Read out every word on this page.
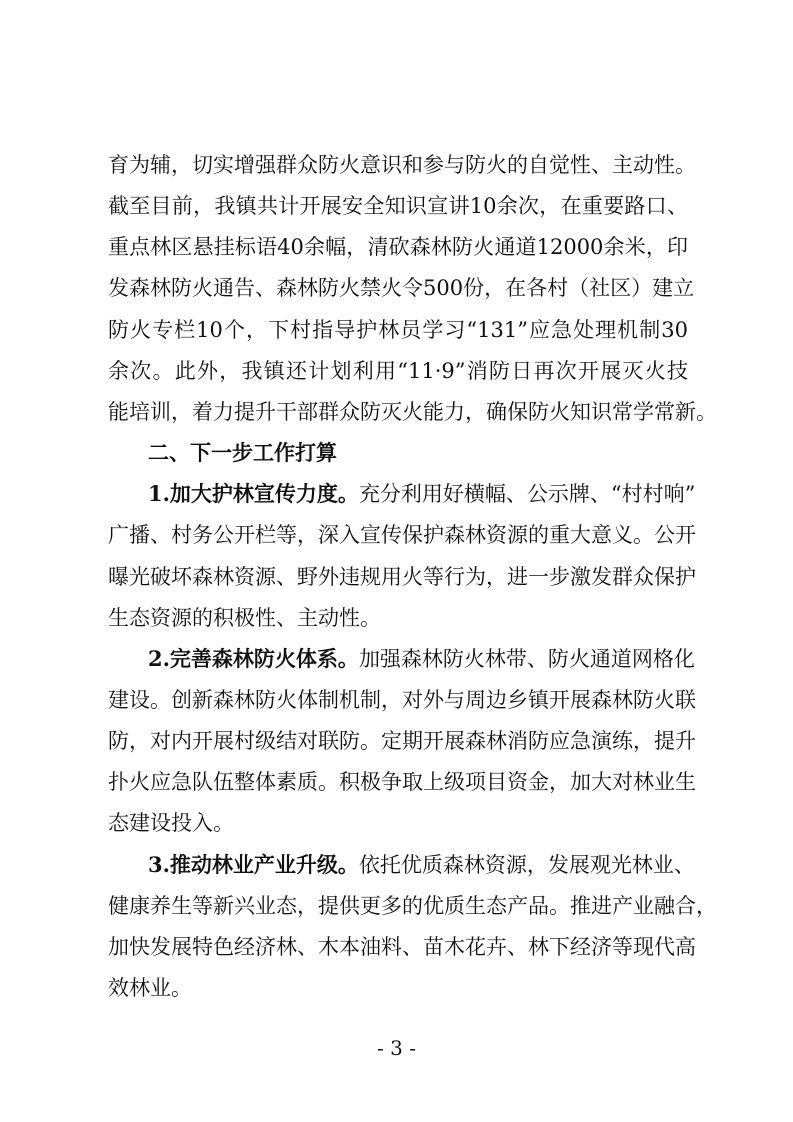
育为辅，切实增强群众防火意识和参与防火的自觉性、主动性。
截至目前，我镇共计开展安全知识宣讲10余次，在重要路口、
重点林区悬挂标语40余幅，清砍森林防火通道12000余米，印
发森林防火通告、森林防火禁火令500份，在各村（社区）建立
防火专栏10个，下村指导护林员学习“131”应急处理机制30
余次。此外，我镇还计划利用“11·9”消防日再次开展灭火技
能培训，着力提升干部群众防灭火能力，确保防火知识常学常新。
二、下一步工作打算
1.加大护林宣传力度。充分利用好横幅、公示牌、“村村响”
广播、村务公开栏等，深入宣传保护森林资源的重大意义。公开
曝光破坏森林资源、野外违规用火等行为，进一步激发群众保护
生态资源的积极性、主动性。
2.完善森林防火体系。加强森林防火林带、防火通道网格化
建设。创新森林防火体制机制，对外与周边乡镇开展森林防火联
防，对内开展村级结对联防。定期开展森林消防应急演练，提升
扑火应急队伍整体素质。积极争取上级项目资金，加大对林业生
态建设投入。
3.推动林业产业升级。依托优质森林资源，发展观光林业、
健康养生等新兴业态，提供更多的优质生态产品。推进产业融合，
加快发展特色经济林、木本油料、苗木花卉、林下经济等现代高
效林业。
- 3 -
